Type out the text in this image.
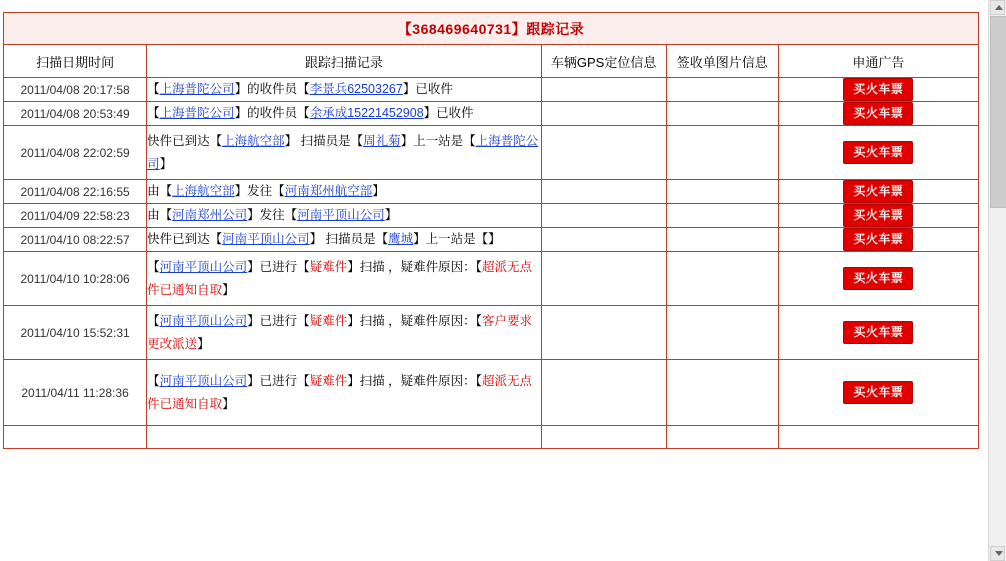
【368469640731】跟踪记录				
扫描日期时间	跟踪扫描记录	车辆GPS定位信息	签收单图片信息	申通广告
2011/04/08 20:17:58	【上海普陀公司】的收件员【李景兵62503267】已收件			买火车票
2011/04/08 20:53:49	【上海普陀公司】的收件员【余承成15221452908】已收件			买火车票
2011/04/08 22:02:59	快件已到达【上海航空部】 扫描员是【周礼菊】上一站是【上海普陀公司】			买火车票
2011/04/08 22:16:55	由【上海航空部】发往【河南郑州航空部】			买火车票
2011/04/09 22:58:23	由【河南郑州公司】发往【河南平顶山公司】			买火车票
2011/04/10 08:22:57	快件已到达【河南平顶山公司】 扫描员是【鹰城】上一站是【】			买火车票
2011/04/10 10:28:06	【河南平顶山公司】已进行【疑难件】扫描 ，疑难件原因：【超派无点件已通知自取】			买火车票
2011/04/10 15:52:31	【河南平顶山公司】已进行【疑难件】扫描 ，疑难件原因：【客户要求更改派送】			买火车票
2011/04/11 11:28:36	【河南平顶山公司】已进行【疑难件】扫描 ，疑难件原因：【超派无点件已通知自取】			买火车票
